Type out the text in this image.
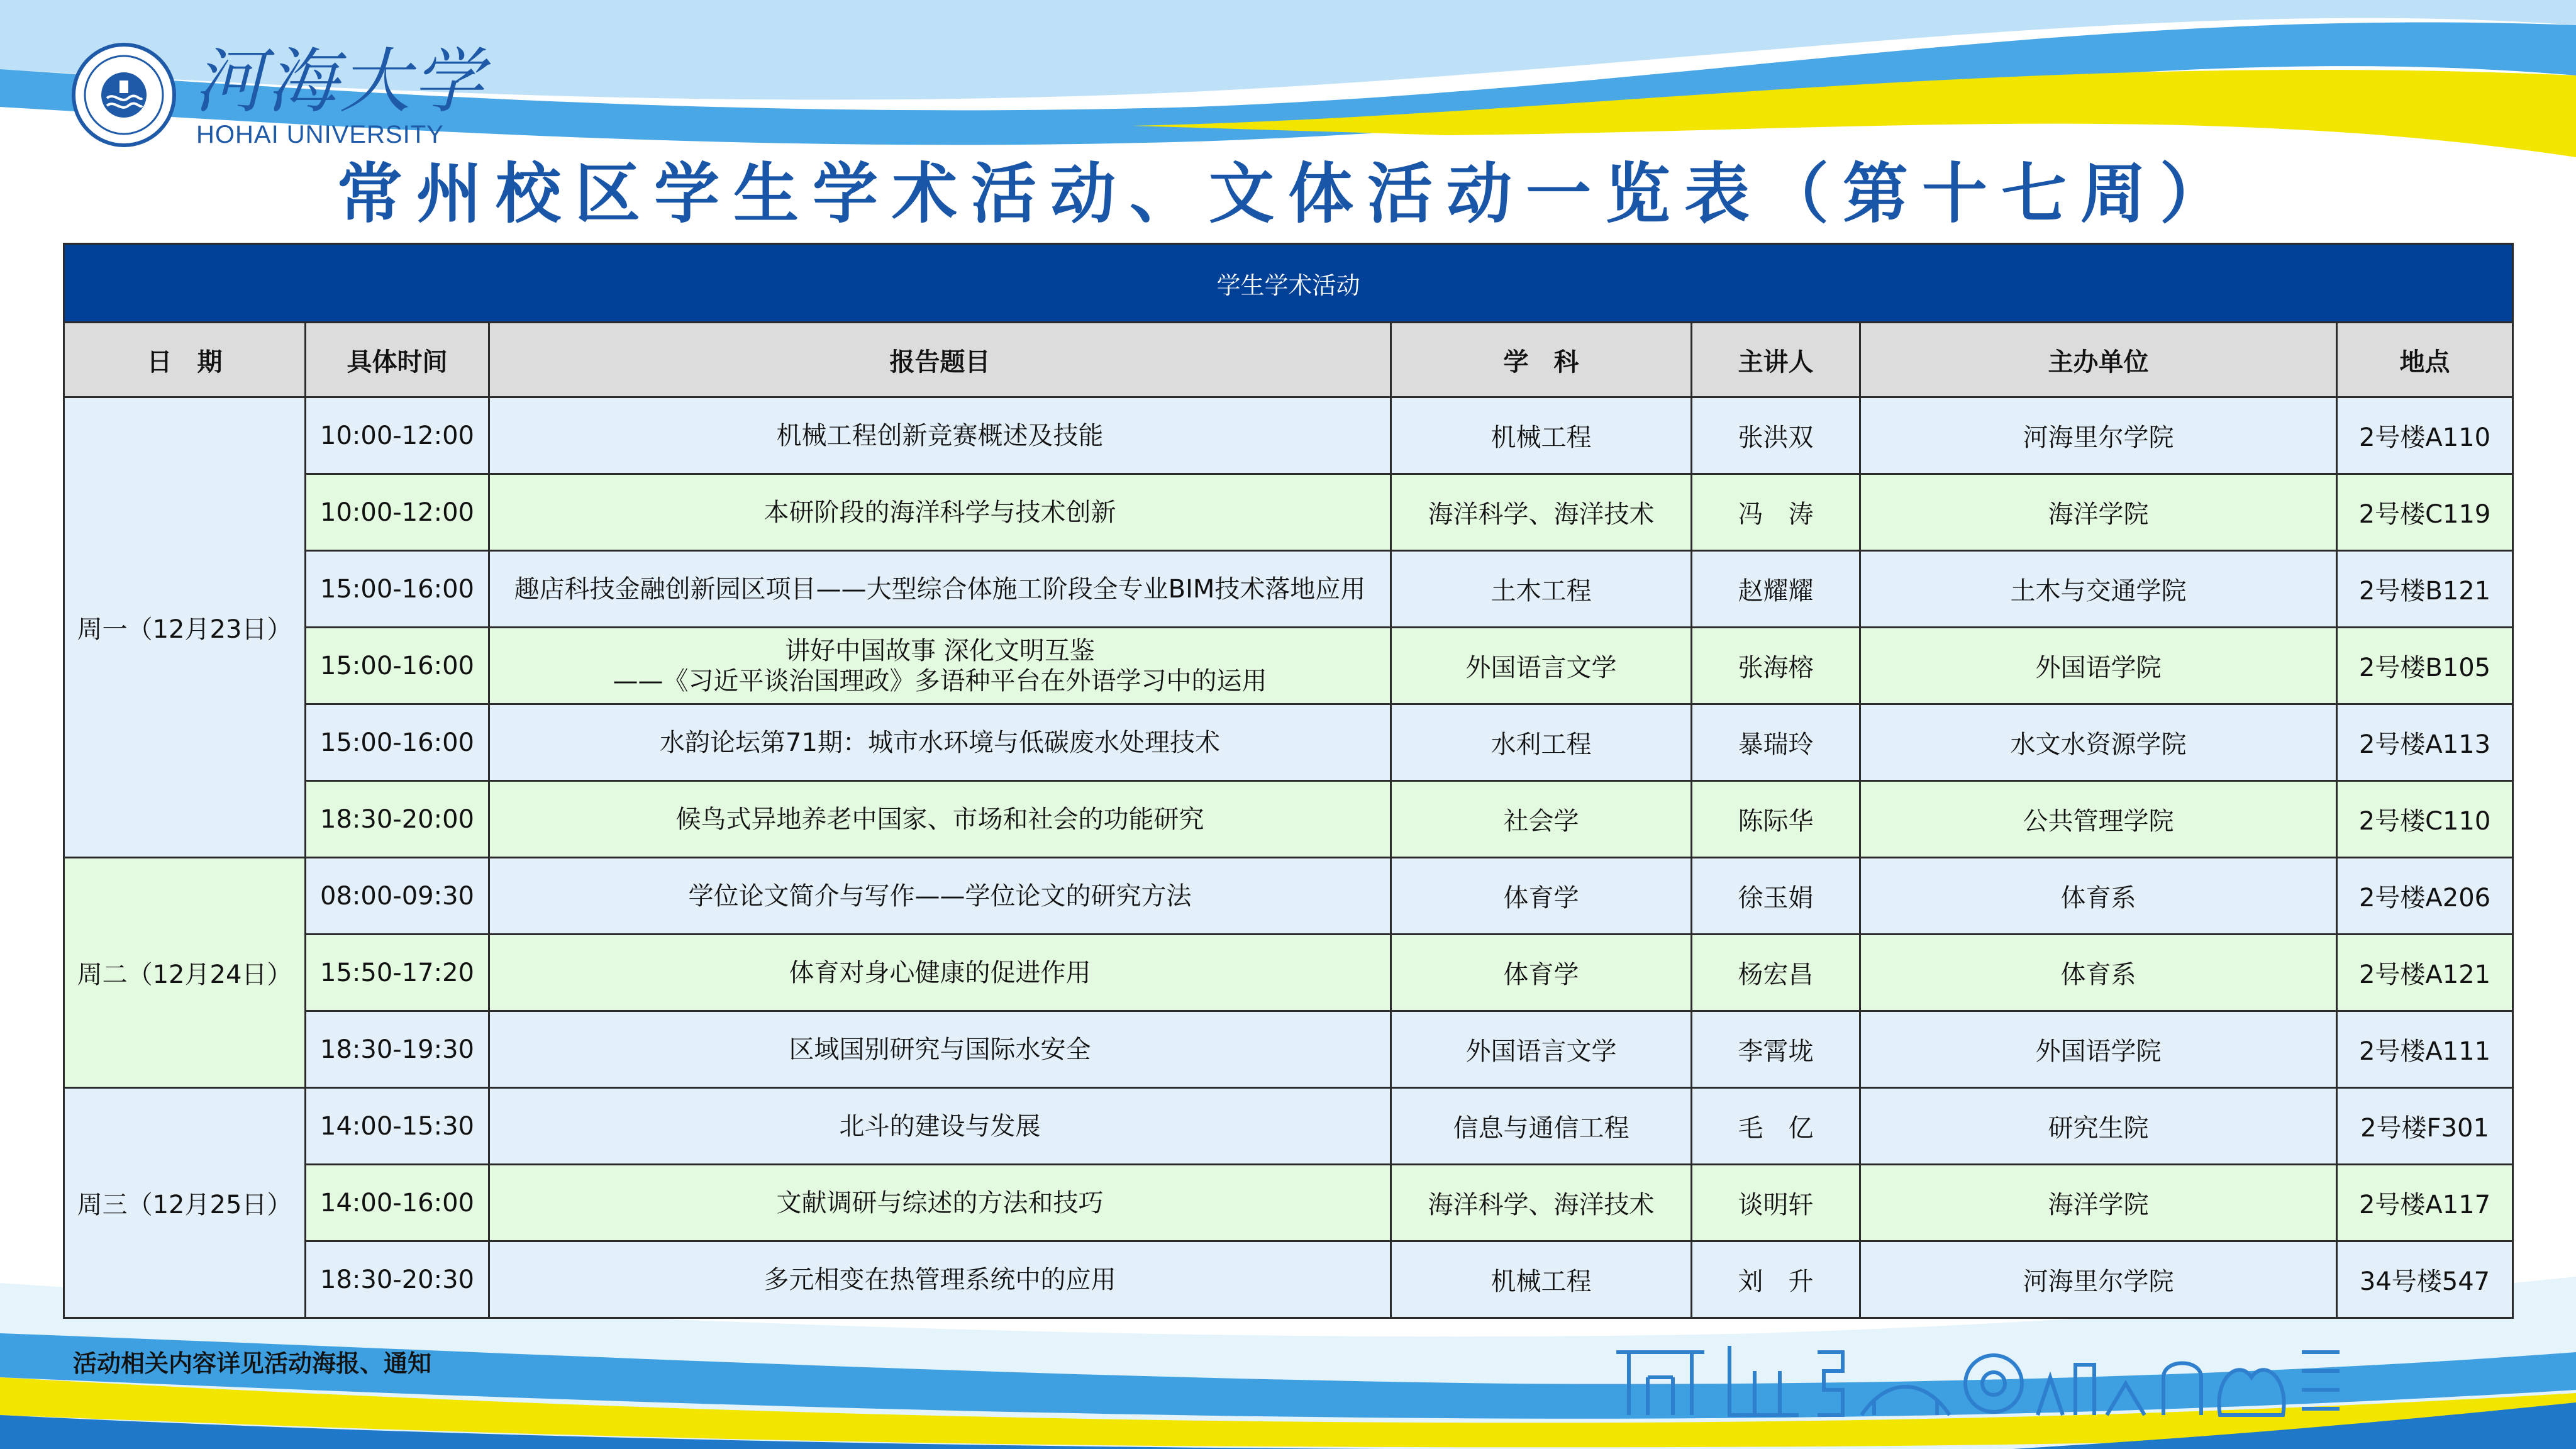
河海大学
HOHAI UNIVERSITY
常州校区学生学术活动、文体活动一览表（第十七周）
学生学术活动						
日　期	具体时间	报告题目	学　科	主讲人	主办单位	地点
周一（12月23日）	10:00-12:00	机械工程创新竞赛概述及技能	机械工程	张洪双	河海里尔学院	2号楼A110
	10:00-12:00	本研阶段的海洋科学与技术创新	海洋科学、海洋技术	冯　涛	海洋学院	2号楼C119
	15:00-16:00	趣店科技金融创新园区项目——大型综合体施工阶段全专业BIM技术落地应用	土木工程	赵耀耀	土木与交通学院	2号楼B121
	15:00-16:00	讲好中国故事 深化文明互鉴
——《习近平谈治国理政》多语种平台在外语学习中的运用	外国语言文学	张海榕	外国语学院	2号楼B105
	15:00-16:00	水韵论坛第71期：城市水环境与低碳废水处理技术	水利工程	暴瑞玲	水文水资源学院	2号楼A113
	18:30-20:00	候鸟式异地养老中国家、市场和社会的功能研究	社会学	陈际华	公共管理学院	2号楼C110
周二（12月24日）	08:00-09:30	学位论文简介与写作——学位论文的研究方法	体育学	徐玉娟	体育系	2号楼A206
	15:50-17:20	体育对身心健康的促进作用	体育学	杨宏昌	体育系	2号楼A121
	18:30-19:30	区域国别研究与国际水安全	外国语言文学	李霄垅	外国语学院	2号楼A111
周三（12月25日）	14:00-15:30	北斗的建设与发展	信息与通信工程	毛　亿	研究生院	2号楼F301
	14:00-16:00	文献调研与综述的方法和技巧	海洋科学、海洋技术	谈明轩	海洋学院	2号楼A117
	18:30-20:30	多元相变在热管理系统中的应用	机械工程	刘　升	河海里尔学院	34号楼547
活动相关内容详见活动海报、通知
